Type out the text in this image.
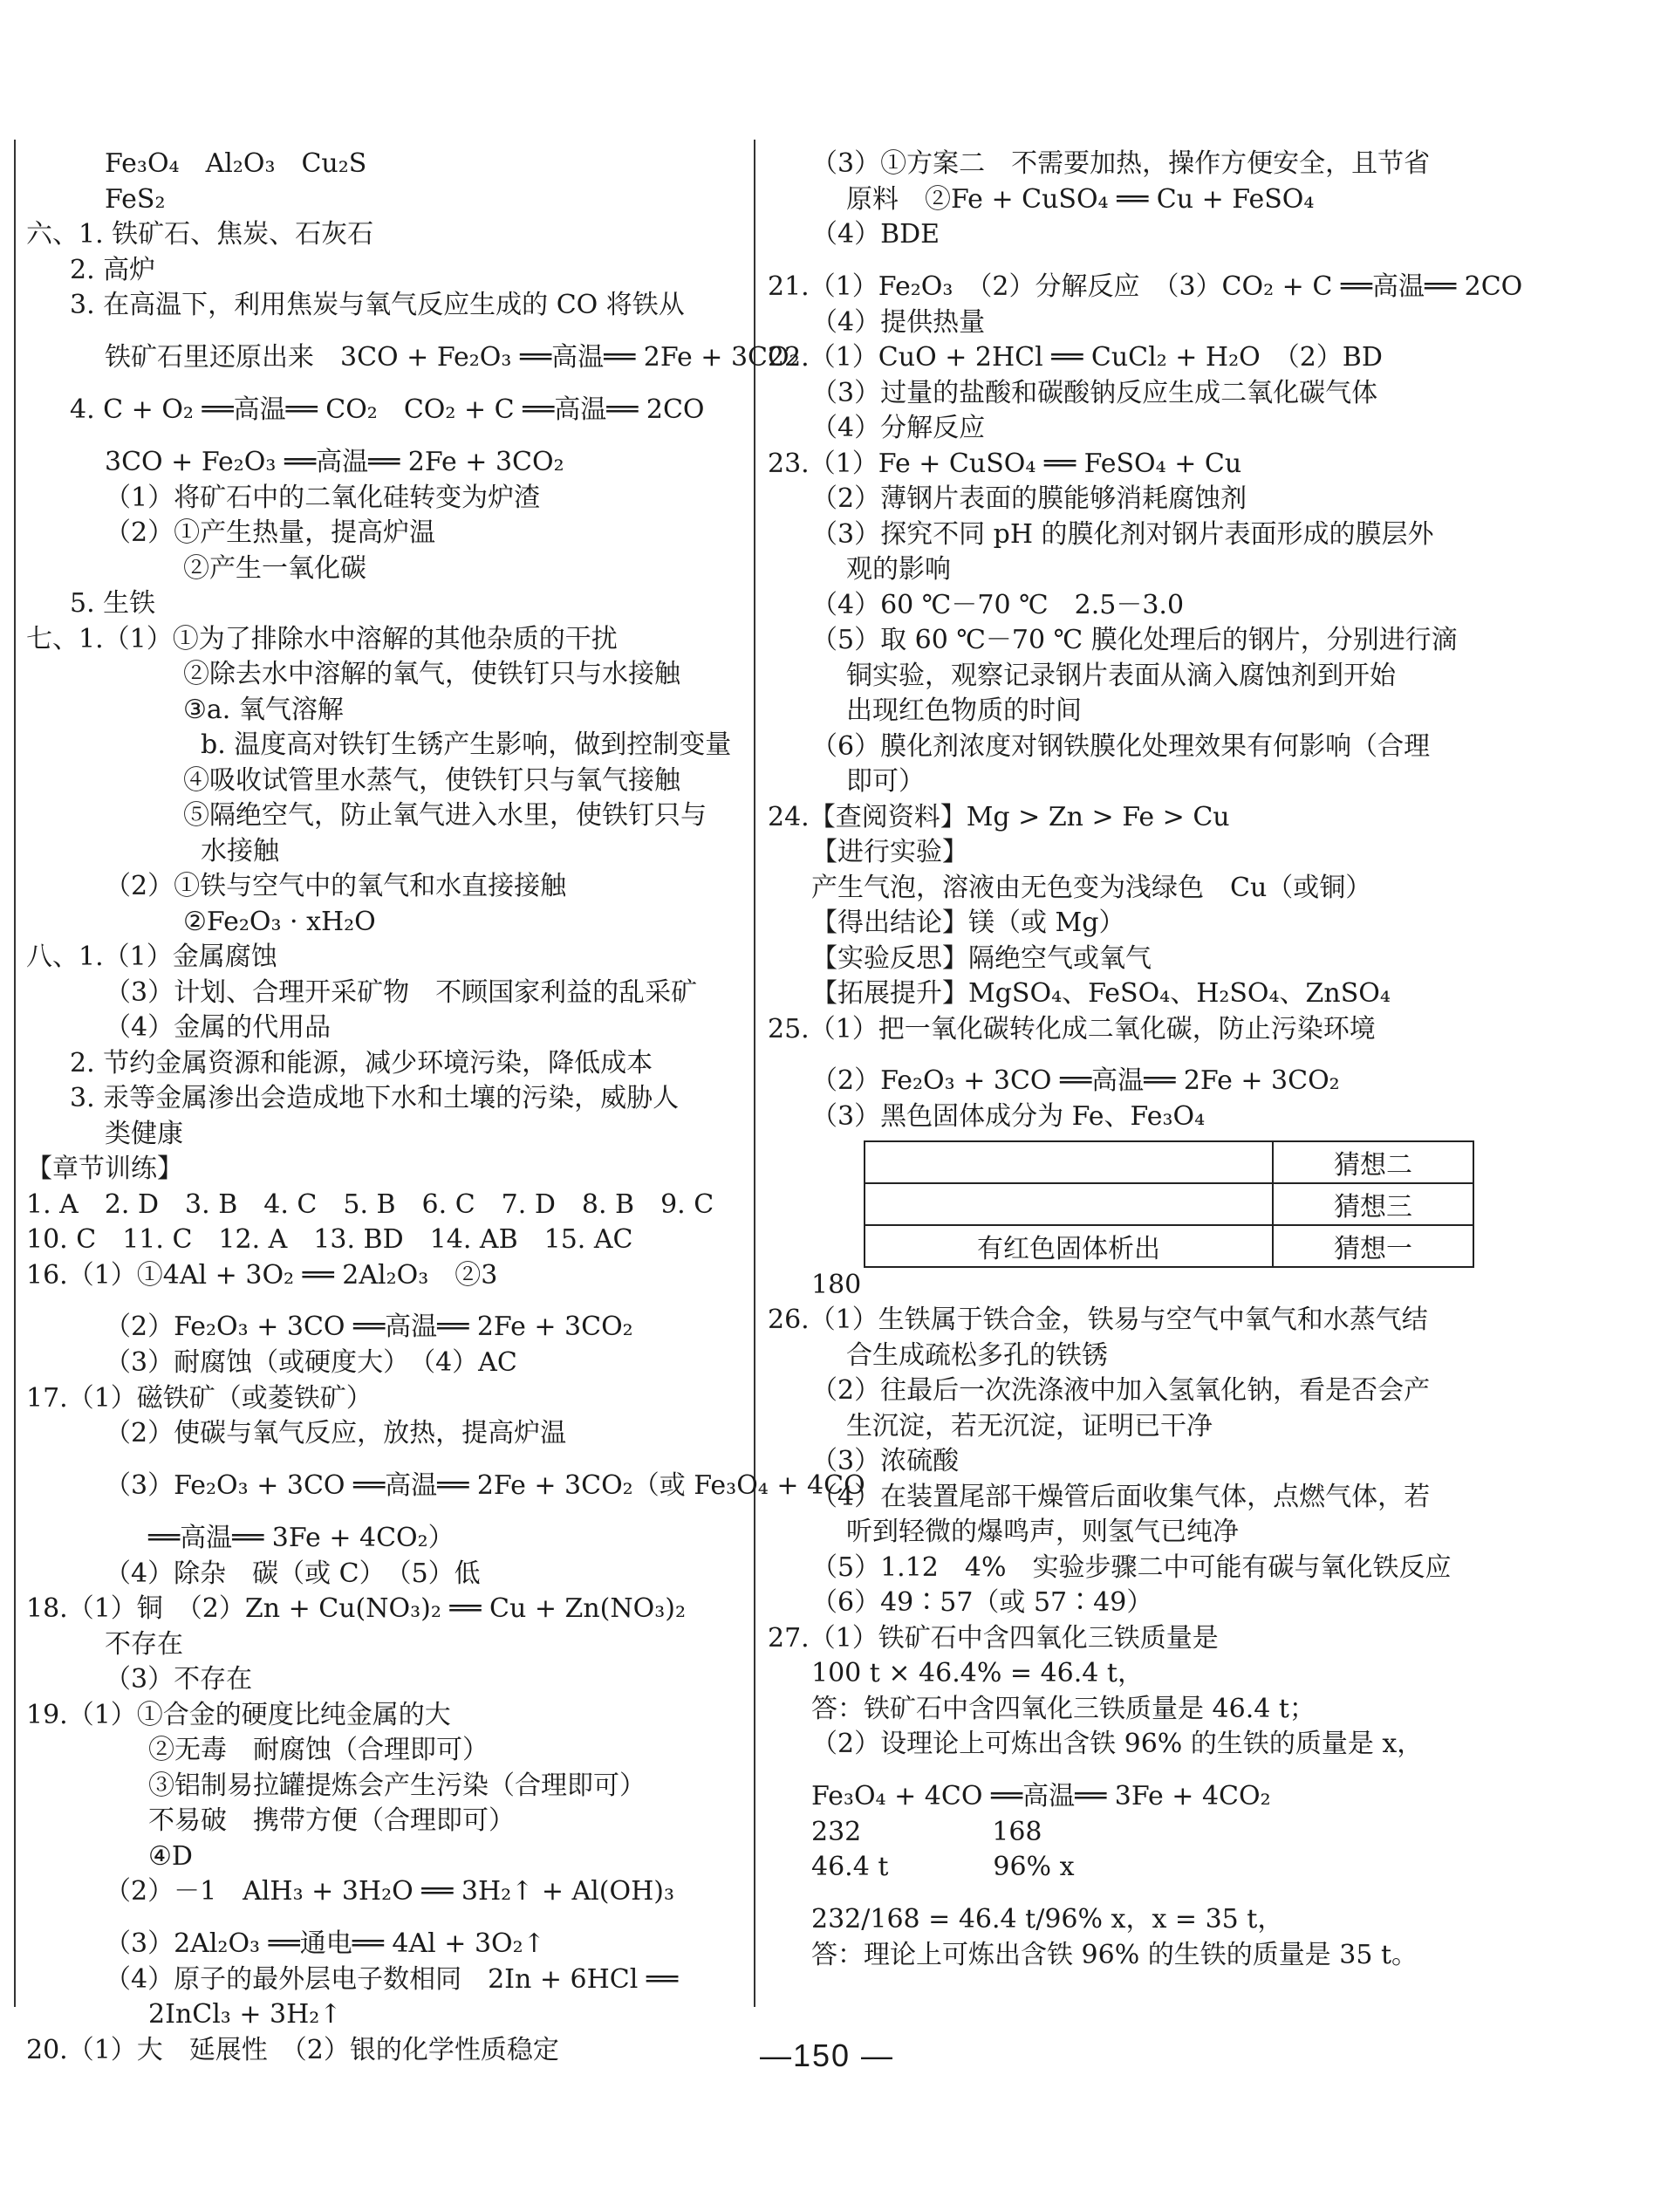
Fe₃O₄　Al₂O₃　Cu₂S
FeS₂
六、1. 铁矿石、焦炭、石灰石
2. 高炉
3. 在高温下，利用焦炭与氧气反应生成的 CO 将铁从
铁矿石里还原出来　3CO + Fe₂O₃ ══高温══ 2Fe + 3CO₂
4. C + O₂ ══高温══ CO₂　CO₂ + C ══高温══ 2CO
3CO + Fe₂O₃ ══高温══ 2Fe + 3CO₂
（1）将矿石中的二氧化硅转变为炉渣
（2）①产生热量，提高炉温
②产生一氧化碳
5. 生铁
七、1.（1）①为了排除水中溶解的其他杂质的干扰
②除去水中溶解的氧气，使铁钉只与水接触
③a. 氧气溶解
b. 温度高对铁钉生锈产生影响，做到控制变量
④吸收试管里水蒸气，使铁钉只与氧气接触
⑤隔绝空气，防止氧气进入水里，使铁钉只与
水接触
（2）①铁与空气中的氧气和水直接接触
②Fe₂O₃ · xH₂O
八、1.（1）金属腐蚀
（3）计划、合理开采矿物　不顾国家利益的乱采矿
（4）金属的代用品
2. 节约金属资源和能源，减少环境污染，降低成本
3. 汞等金属渗出会造成地下水和土壤的污染，威胁人
类健康
【章节训练】
1. A　2. D　3. B　4. C　5. B　6. C　7. D　8. B　9. C
10. C　11. C　12. A　13. BD　14. AB　15. AC
16.（1）①4Al + 3O₂ ══ 2Al₂O₃　②3
（2）Fe₂O₃ + 3CO ══高温══ 2Fe + 3CO₂
（3）耐腐蚀（或硬度大）　（4）AC
17.（1）磁铁矿（或菱铁矿）
（2）使碳与氧气反应，放热，提高炉温
（3）Fe₂O₃ + 3CO ══高温══ 2Fe + 3CO₂（或 Fe₃O₄ + 4CO
══高温══ 3Fe + 4CO₂）
（4）除杂　碳（或 C）　（5）低
18.（1）铜　（2）Zn + Cu(NO₃)₂ ══ Cu + Zn(NO₃)₂
不存在
（3）不存在
19.（1）①合金的硬度比纯金属的大
②无毒　耐腐蚀（合理即可）
③铝制易拉罐提炼会产生污染（合理即可）
不易破　携带方便（合理即可）
④D
（2）－1　AlH₃ + 3H₂O ══ 3H₂↑ + Al(OH)₃
（3）2Al₂O₃ ══通电══ 4Al + 3O₂↑
（4）原子的最外层电子数相同　2In + 6HCl ══
2InCl₃ + 3H₂↑
20.（1）大　延展性　（2）银的化学性质稳定
（3）①方案二　不需要加热，操作方便安全，且节省
原料　②Fe + CuSO₄ ══ Cu + FeSO₄
（4）BDE
21.（1）Fe₂O₃　（2）分解反应　（3）CO₂ + C ══高温══ 2CO
（4）提供热量
22.（1）CuO + 2HCl ══ CuCl₂ + H₂O　（2）BD
（3）过量的盐酸和碳酸钠反应生成二氧化碳气体
（4）分解反应
23.（1）Fe + CuSO₄ ══ FeSO₄ + Cu
（2）薄钢片表面的膜能够消耗腐蚀剂
（3）探究不同 pH 的膜化剂对钢片表面形成的膜层外
观的影响
（4）60 ℃－70 ℃　2.5－3.0
（5）取 60 ℃－70 ℃ 膜化处理后的钢片，分别进行滴
铜实验，观察记录钢片表面从滴入腐蚀剂到开始
出现红色物质的时间
（6）膜化剂浓度对钢铁膜化处理效果有何影响（合理
即可）
24.【查阅资料】Mg > Zn > Fe > Cu
【进行实验】
产生气泡，溶液由无色变为浅绿色　Cu（或铜）
【得出结论】镁（或 Mg）
【实验反思】隔绝空气或氧气
【拓展提升】MgSO₄、FeSO₄、H₂SO₄、ZnSO₄
25.（1）把一氧化碳转化成二氧化碳，防止污染环境
（2）Fe₂O₃ + 3CO ══高温══ 2Fe + 3CO₂
（3）黑色固体成分为 Fe、Fe₃O₄
	猜想二
	猜想三
有红色固体析出	猜想一
180
26.（1）生铁属于铁合金，铁易与空气中氧气和水蒸气结
合生成疏松多孔的铁锈
（2）往最后一次洗涤液中加入氢氧化钠，看是否会产
生沉淀，若无沉淀，证明已干净
（3）浓硫酸
（4）在装置尾部干燥管后面收集气体，点燃气体，若
听到轻微的爆鸣声，则氢气已纯净
（5）1.12　4%　实验步骤二中可能有碳与氧化铁反应
（6）49∶57（或 57∶49）
27.（1）铁矿石中含四氧化三铁质量是
100 t × 46.4% = 46.4 t，
答：铁矿石中含四氧化三铁质量是 46.4 t；
（2）设理论上可炼出含铁 96% 的生铁的质量是 x，
Fe₃O₄ + 4CO ══高温══ 3Fe + 4CO₂
232　　　　　168
46.4 t　　　　96% x
232/168 = 46.4 t/96% x，x = 35 t，
答：理论上可炼出含铁 96% 的生铁的质量是 35 t。
—150 —
